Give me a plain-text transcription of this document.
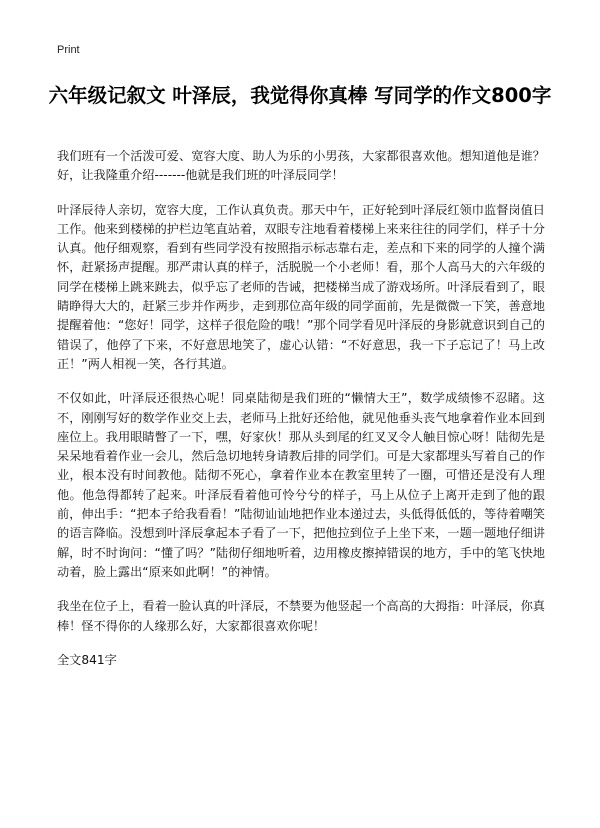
Print
六年级记叙文 叶泽辰，我觉得你真棒 写同学的作文800字

我们班有一个活泼可爱、宽容大度、助人为乐的小男孩，大家都很喜欢他。想知道他是谁？好，让我隆重介绍-------他就是我们班的叶泽辰同学！

叶泽辰待人亲切，宽容大度，工作认真负责。那天中午，正好轮到叶泽辰红领巾监督岗值日工作。他来到楼梯的护栏边笔直站着，双眼专注地看着楼梯上来来往往的同学们，样子十分认真。他仔细观察，看到有些同学没有按照指示标志靠右走，差点和下来的同学的人撞个满怀，赶紧扬声提醒。那严肃认真的样子，活脱脱一个小老师！看，那个人高马大的六年级的同学在楼梯上跳来跳去，似乎忘了老师的告诫，把楼梯当成了游戏场所。叶泽辰看到了，眼睛睁得大大的，赶紧三步并作两步，走到那位高年级的同学面前，先是微微一下笑，善意地提醒着他：“您好！同学，这样子很危险的哦！”那个同学看见叶泽辰的身影就意识到自己的错误了，他停了下来，不好意思地笑了，虚心认错：“不好意思，我一下子忘记了！马上改正！”两人相视一笑，各行其道。

不仅如此，叶泽辰还很热心呢！同桌陆彻是我们班的“懒情大王”，数学成绩惨不忍睹。这不，刚刚写好的数学作业交上去，老师马上批好还给他，就见他垂头丧气地拿着作业本回到座位上。我用眼睛瞥了一下，嘿，好家伙！那从头到尾的红叉叉令人触目惊心呀！陆彻先是呆呆地看着作业一会儿，然后急切地转身请教后排的同学们。可是大家都埋头写着自己的作业，根本没有时间教他。陆彻不死心，拿着作业本在教室里转了一圈，可惜还是没有人理他。他急得都转了起来。叶泽辰看着他可怜兮兮的样子，马上从位子上离开走到了他的跟前，伸出手：“把本子给我看看！”陆彻讪讪地把作业本递过去，头低得低低的，等待着嘲笑的语言降临。没想到叶泽辰拿起本子看了一下，把他拉到位子上坐下来，一题一题地仔细讲解，时不时询问：“懂了吗？”陆彻仔细地听着，边用橡皮擦掉错误的地方，手中的笔飞快地动着，脸上露出“原来如此啊！”的神情。

我坐在位子上，看着一脸认真的叶泽辰，不禁要为他竖起一个高高的大拇指：叶泽辰，你真棒！怪不得你的人缘那么好，大家都很喜欢你呢！

全文841字
